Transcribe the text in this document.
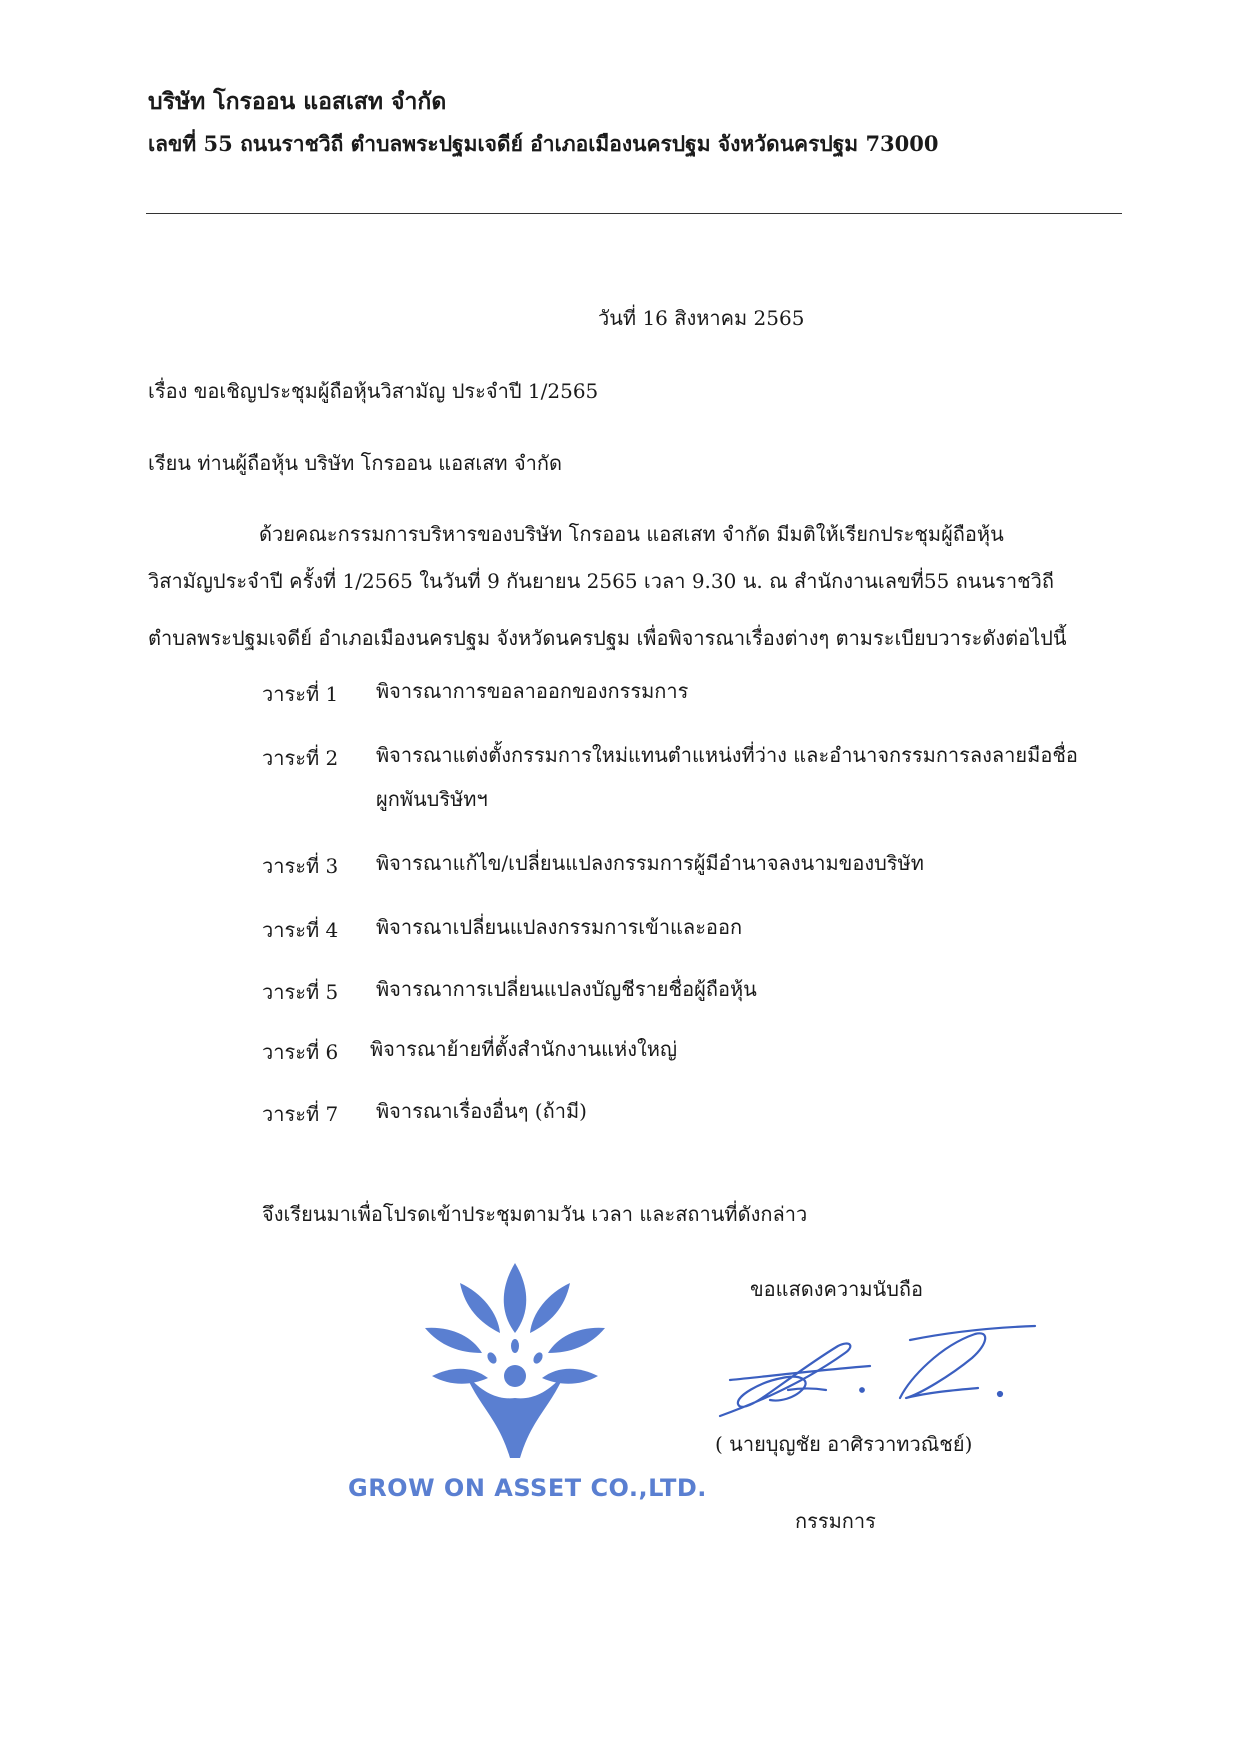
บริษัท โกรออน แอสเสท จำกัด
เลขที่ 55 ถนนราชวิถี ตำบลพระปฐมเจดีย์ อำเภอเมืองนครปฐม จังหวัดนครปฐม 73000
วันที่ 16 สิงหาคม 2565
เรื่อง ขอเชิญประชุมผู้ถือหุ้นวิสามัญ ประจำปี 1/2565
เรียน ท่านผู้ถือหุ้น บริษัท โกรออน แอสเสท จำกัด
ด้วยคณะกรรมการบริหารของบริษัท โกรออน แอสเสท จำกัด มีมติให้เรียกประชุมผู้ถือหุ้น
วิสามัญประจำปี ครั้งที่ 1/2565 ในวันที่ 9 กันยายน 2565 เวลา 9.30 น. ณ สำนักงานเลขที่55 ถนนราชวิถี
ตำบลพระปฐมเจดีย์ อำเภอเมืองนครปฐม จังหวัดนครปฐม เพื่อพิจารณาเรื่องต่างๆ ตามระเบียบวาระดังต่อไปนี้
วาระที่ 1 พิจารณาการขอลาออกของกรรมการ
วาระที่ 2 พิจารณาแต่งตั้งกรรมการใหม่แทนตำแหน่งที่ว่าง และอำนาจกรรมการลงลายมือชื่อผูกพันบริษัทฯ
วาระที่ 3 พิจารณาแก้ไข/เปลี่ยนแปลงกรรมการผู้มีอำนาจลงนามของบริษัท
วาระที่ 4 พิจารณาเปลี่ยนแปลงกรรมการเข้าและออก
วาระที่ 5 พิจารณาการเปลี่ยนแปลงบัญชีรายชื่อผู้ถือหุ้น
วาระที่ 6 พิจารณาย้ายที่ตั้งสำนักงานแห่งใหญ่
วาระที่ 7 พิจารณาเรื่องอื่นๆ (ถ้ามี)
จึงเรียนมาเพื่อโปรดเข้าประชุมตามวัน เวลา และสถานที่ดังกล่าว
GROW ON ASSET CO.,LTD.
ขอแสดงความนับถือ
( นายบุญชัย อาศิรวาทวณิชย์)
กรรมการ
